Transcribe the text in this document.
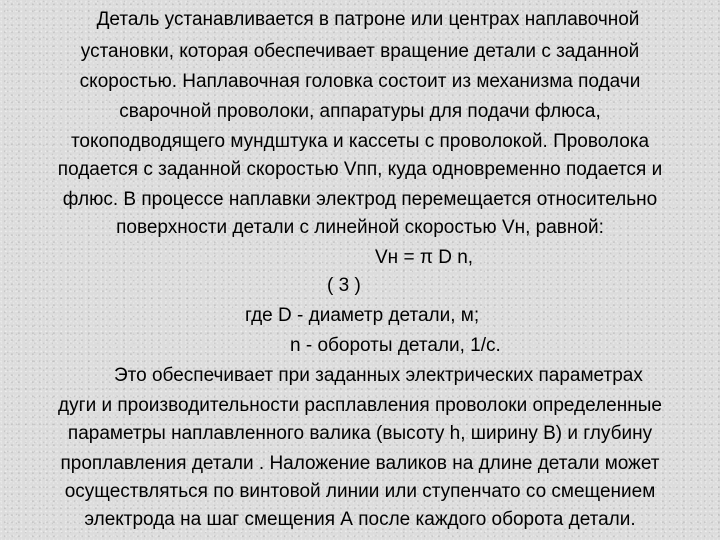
Деталь устанавливается в патроне или центрах наплавочной
установки, которая обеспечивает вращение детали с заданной
скоростью. Наплавочная головка состоит из механизма подачи
сварочной проволоки, аппаратуры для подачи флюса,
токоподводящего мундштука и кассеты с проволокой. Проволока
подается с заданной скоростью Vпп, куда одновременно подается и
флюс. В процессе наплавки электрод перемещается относительно
поверхности детали с линейной скоростью Vн, равной:
Vн = π D n,
( 3 )
где D - диаметр детали, м;
n - обороты детали, 1/с.
Это обеспечивает при заданных электрических параметрах
дуги и производительности расплавления проволоки определенные
параметры наплавленного валика (высоту h, ширину В) и глубину
проплавления детали . Наложение валиков на длине детали может
осуществляться по винтовой линии или ступенчато со смещением
электрода на шаг смещения А после каждого оборота детали.
